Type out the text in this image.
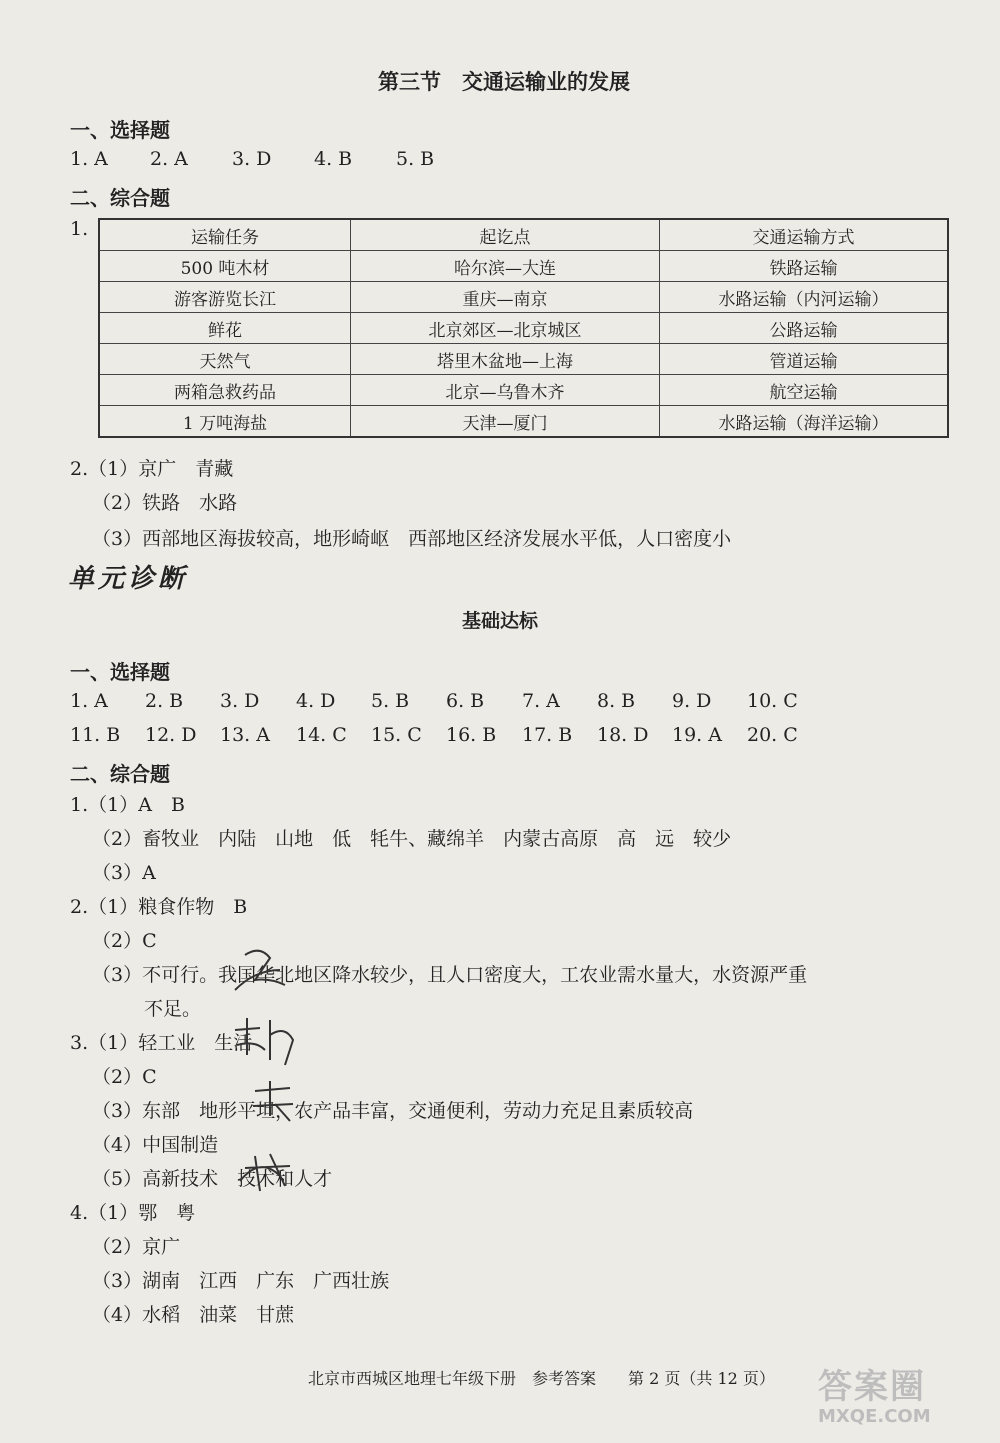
第三节　交通运输业的发展
一、选择题
1. A 2. A 3. D 4. B 5. B
二、综合题
1.	运输任务	起讫点	交通运输方式
500 吨木材	哈尔滨—大连	铁路运输
游客游览长江	重庆—南京	水路运输（内河运输）
鲜花	北京郊区—北京城区	公路运输
天然气	塔里木盆地—上海	管道运输
两箱急救药品	北京—乌鲁木齐	航空运输
1 万吨海盐	天津—厦门	水路运输（海洋运输）
2.（1）京广　青藏
（2）铁路　水路
（3）西部地区海拔较高，地形崎岖　西部地区经济发展水平低，人口密度小
单元诊断
基础达标
一、选择题
1. A 2. B 3. D 4. D 5. B 6. B 7. A 8. B 9. D 10. C
11. B 12. D 13. A 14. C 15. C 16. B 17. B 18. D 19. A 20. C
二、综合题
1.（1）A　B
（2）畜牧业　内陆　山地　低　牦牛、藏绵羊　内蒙古高原　高　远　较少
（3）A
2.（1）粮食作物　B
（2）C
（3）不可行。我国华北地区降水较少，且人口密度大，工农业需水量大，水资源严重
不足。
3.（1）轻工业　生活
（2）C
（3）东部　地形平坦，农产品丰富，交通便利，劳动力充足且素质较高
（4）中国制造
（5）高新技术　技术和人才
4.（1）鄂　粤
（2）京广
（3）湖南　江西　广东　广西壮族
（4）水稻　油菜　甘蔗
北京市西城区地理七年级下册　参考答案　　第 2 页（共 12 页） 答案圈
MXQE.COM
